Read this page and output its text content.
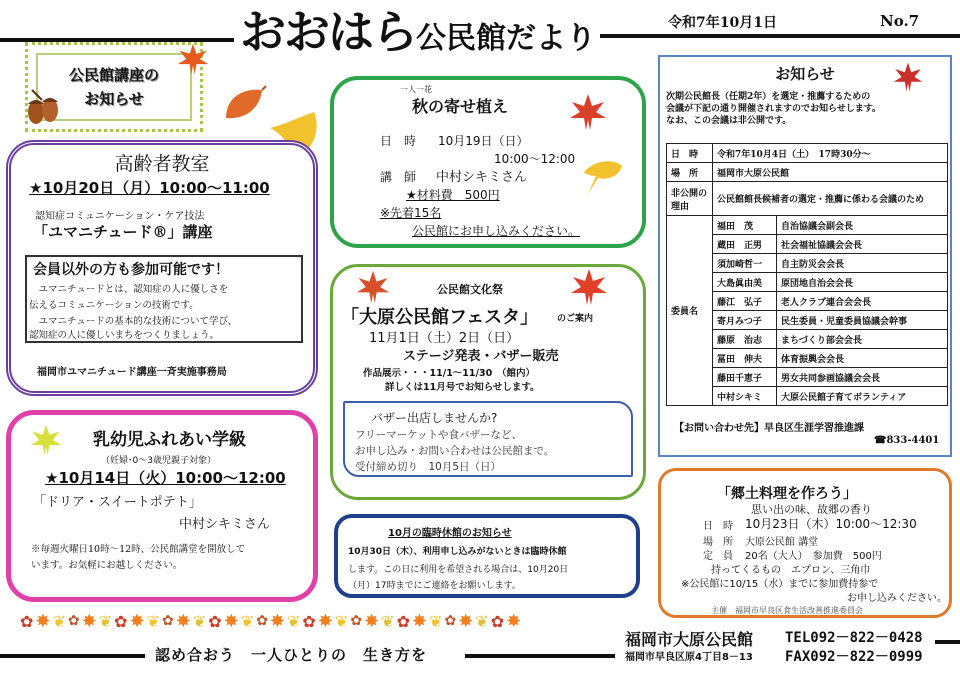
おおはら公民館だより	令和7年10月1日	No.7
公民館講座の
お知らせ
高齢者教室
★10月20日（月）10:00～11:00
認知症コミュニケーション・ケア技法
「ユマニチュード®」講座
会員以外の方も参加可能です！
　ユマニチュードとは、認知症の人に優しさを
伝えるコミュニケーションの技術です。
　ユマニチュードの基本的な技術について学び、
認知症の人に優しいまちをつくりましょう。
福岡市ユマニチュード講座一斉実施事務局
乳幼児ふれあい学級
（妊婦･0～3歳児親子対象）
★10月14日（火）10:00～12:00
「ドリア・スイートポテト」
中村シキミさん
※毎週火曜日10時～12時、公民館講堂を開放して
います。お気軽にお越しください。
一人一花
秋の寄せ植え
日　時 10月19日（日）
10:00～12:00
講　師 中村シキミさん
★材料費　500円
※先着15名
公民館にお申し込みください。
公民館文化祭
「大原公民館フェスタ」 のご案内
11月1日（土）2日（日）
ステージ発表・バザー販売
作品展示・・・11/1～11/30　（館内）
詳しくは11月号でお知らせします。
バザー出店しませんか?
フリーマーケットや食バザーなど、
お申し込み・お問い合わせは公民館まで。
受付締め切り　10月5日（日）
10月の臨時休館のお知らせ
10月30日（木）、利用申し込みがないときは臨時休館
します。この日に利用を希望される場合は、10月20日
（月）17時までにご連絡をお願いします。
お知らせ
次期公民館長（任期2年）を選定・推薦するための
会議が下記の通り開催されますのでお知らせします。
なお、この会議は非公開です。
日　時	令和7年10月4日（土）　17時30分～	
場　所	福岡市大原公民館	
非公開の理由	公民館館長候補者の選定・推薦に係わる会議のため	
委員名	福田　茂	自治協議会副会長
	蔵田　正男	社会福祉協議会会長
	須加崎哲一	自主防災会会長
	大島眞由美	原団地自治会会長
	藤江　弘子	老人クラブ連合会会長
	寄月みつ子	民生委員・児童委員協議会幹事
	藤原　治志	まちづくり部会会長
	冨田　伸夫	体育振興会会長
	藤田千恵子	男女共同参画協議会会長
	中村シキミ	大原公民館子育てボランティア
【お問い合わせ先】早良区生涯学習推進課
☎833-4401
「郷土料理を作ろう」
思い出の味、故郷の香り
日　時 10月23日（木）10:00～12:30
場　所 大原公民館 講堂
定　員 20名（大人）　参加費　500円
持ってくるもの　エプロン、三角巾
※公民館に10/15（水）までに参加費持参で
お申し込みください。
主催　福岡市早良区食生活改善推進委員会
✿ ✸ ❦ ✿ ✸ ❦ ✿ ✸ ❦ ✿ ✸ ❦ ✿ ✸ ❦ ✿ ✸ ❦ ✿ ✸ ❦ ✿ ✸ ❦ ✿ ✸ ❦ ✿ ✸ ❦ ✿ ✸
認め合おう　一人ひとりの　生き方を
福岡市大原公民館
福岡市早良区原4丁目8－13
TEL092－822－0428
FAX092－822－0999
